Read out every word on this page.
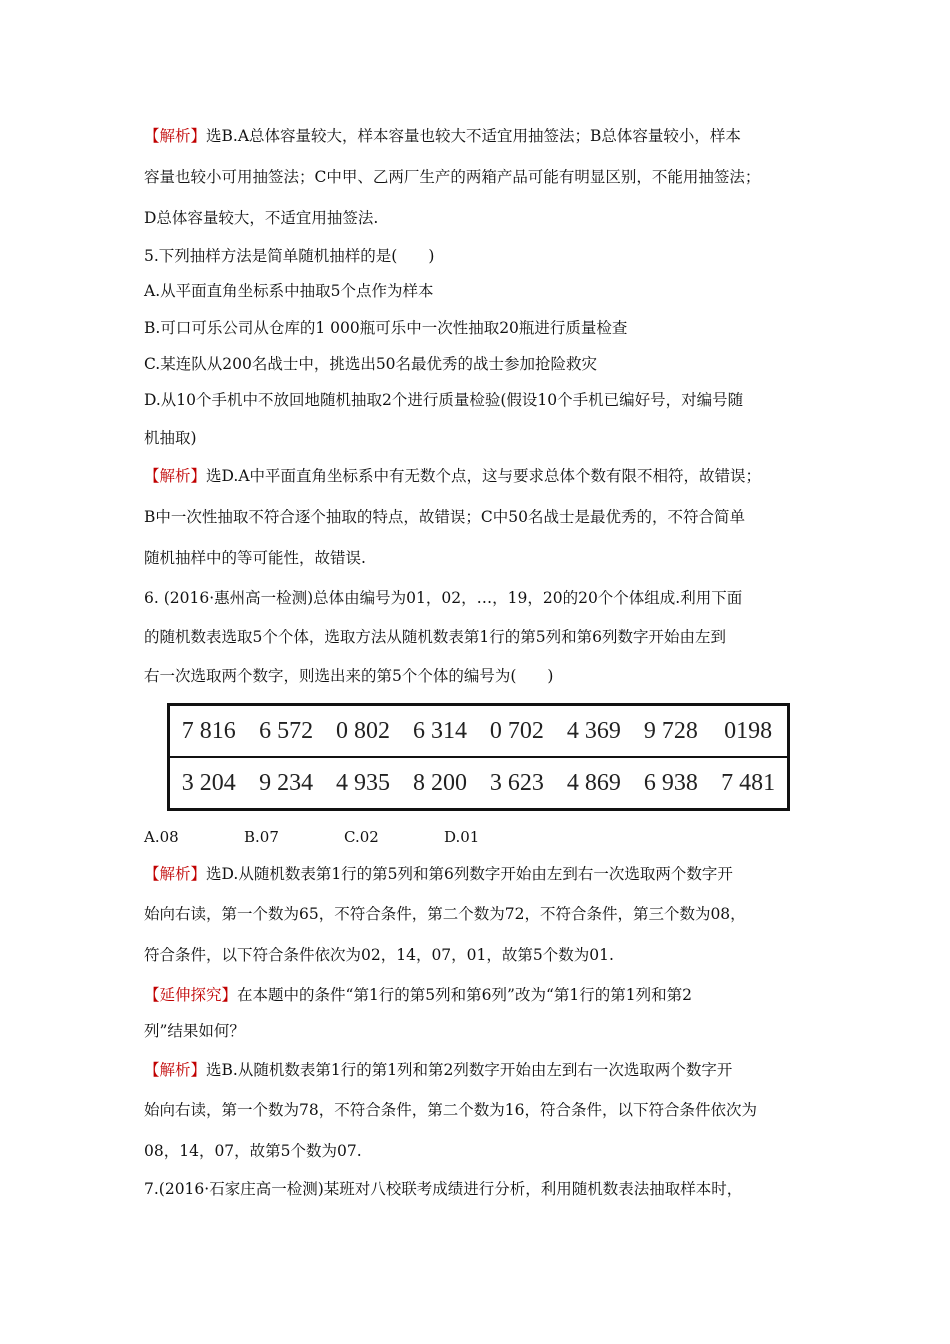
【解析】选B.A总体容量较大，样本容量也较大不适宜用抽签法；B总体容量较小，样本
容量也较小可用抽签法；C中甲、乙两厂生产的两箱产品可能有明显区别，不能用抽签法；
D总体容量较大，不适宜用抽签法.
5.下列抽样方法是简单随机抽样的是(　　)
A.从平面直角坐标系中抽取5个点作为样本
B.可口可乐公司从仓库的1 000瓶可乐中一次性抽取20瓶进行质量检查
C.某连队从200名战士中，挑选出50名最优秀的战士参加抢险救灾
D.从10个手机中不放回地随机抽取2个进行质量检验(假设10个手机已编好号，对编号随
机抽取)
【解析】选D.A中平面直角坐标系中有无数个点，这与要求总体个数有限不相符，故错误；
B中一次性抽取不符合逐个抽取的特点，故错误；C中50名战士是最优秀的，不符合简单
随机抽样中的等可能性，故错误.
6. (2016·惠州高一检测)总体由编号为01，02，…，19，20的20个个体组成.利用下面
的随机数表选取5个个体，选取方法从随机数表第1行的第5列和第6列数字开始由左到
右一次选取两个数字，则选出来的第5个个体的编号为(　　)
7 816	6 572	0 802	6 314	0 702	4 369	9 728	0198
3 204	9 234	4 935	8 200	3 623	4 869	6 938	7 481
A.08	B.07	C.02	D.01
【解析】选D.从随机数表第1行的第5列和第6列数字开始由左到右一次选取两个数字开
始向右读，第一个数为65，不符合条件，第二个数为72，不符合条件，第三个数为08，
符合条件，以下符合条件依次为02，14，07，01，故第5个数为01.
【延伸探究】在本题中的条件“第1行的第5列和第6列”改为“第1行的第1列和第2
列”结果如何？
【解析】选B.从随机数表第1行的第1列和第2列数字开始由左到右一次选取两个数字开
始向右读，第一个数为78，不符合条件，第二个数为16，符合条件，以下符合条件依次为
08，14，07，故第5个数为07.
7.(2016·石家庄高一检测)某班对八校联考成绩进行分析，利用随机数表法抽取样本时，
